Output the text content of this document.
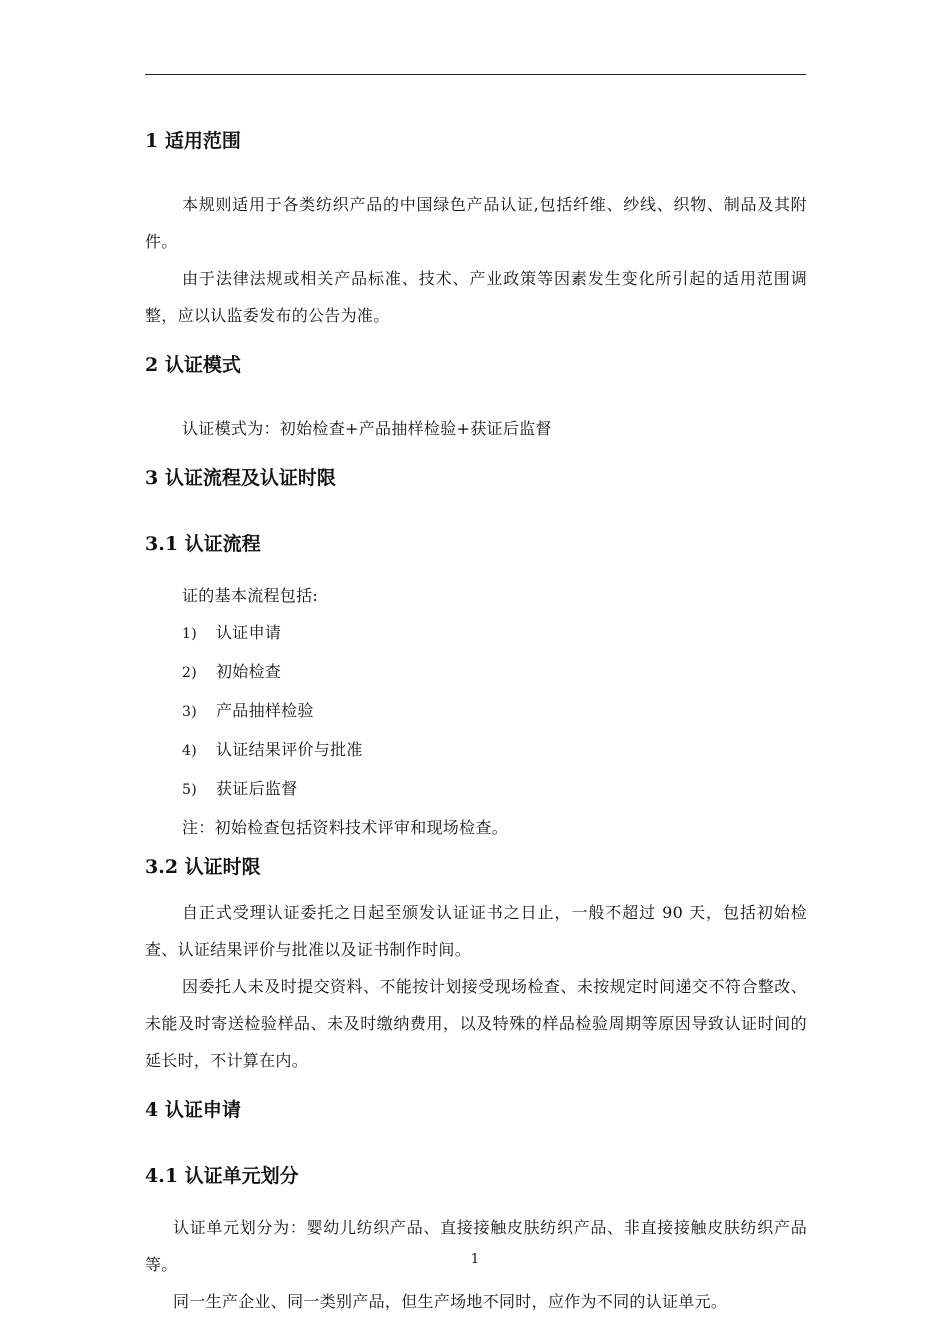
1 适用范围

本规则适用于各类纺织产品的中国绿色产品认证,包括纤维、纱线、织物、制品及其附件。

由于法律法规或相关产品标准、技术、产业政策等因素发生变化所引起的适用范围调整，应以认监委发布的公告为准。

2 认证模式

认证模式为：初始检查+产品抽样检验+获证后监督

3 认证流程及认证时限
3.1 认证流程

证的基本流程包括:

1) 认证申请
2) 初始检查
3) 产品抽样检验
4) 认证结果评价与批准
5) 获证后监督

注：初始检查包括资料技术评审和现场检查。

3.2 认证时限

自正式受理认证委托之日起至颁发认证证书之日止，一般不超过 90 天，包括初始检查、认证结果评价与批准以及证书制作时间。

因委托人未及时提交资料、不能按计划接受现场检查、未按规定时间递交不符合整改、未能及时寄送检验样品、未及时缴纳费用，以及特殊的样品检验周期等原因导致认证时间的延长时，不计算在内。

4 认证申请
4.1 认证单元划分

认证单元划分为：婴幼儿纺织产品、直接接触皮肤纺织产品、非直接接触皮肤纺织产品等。

同一生产企业、同一类别产品，但生产场地不同时，应作为不同的认证单元。

1
